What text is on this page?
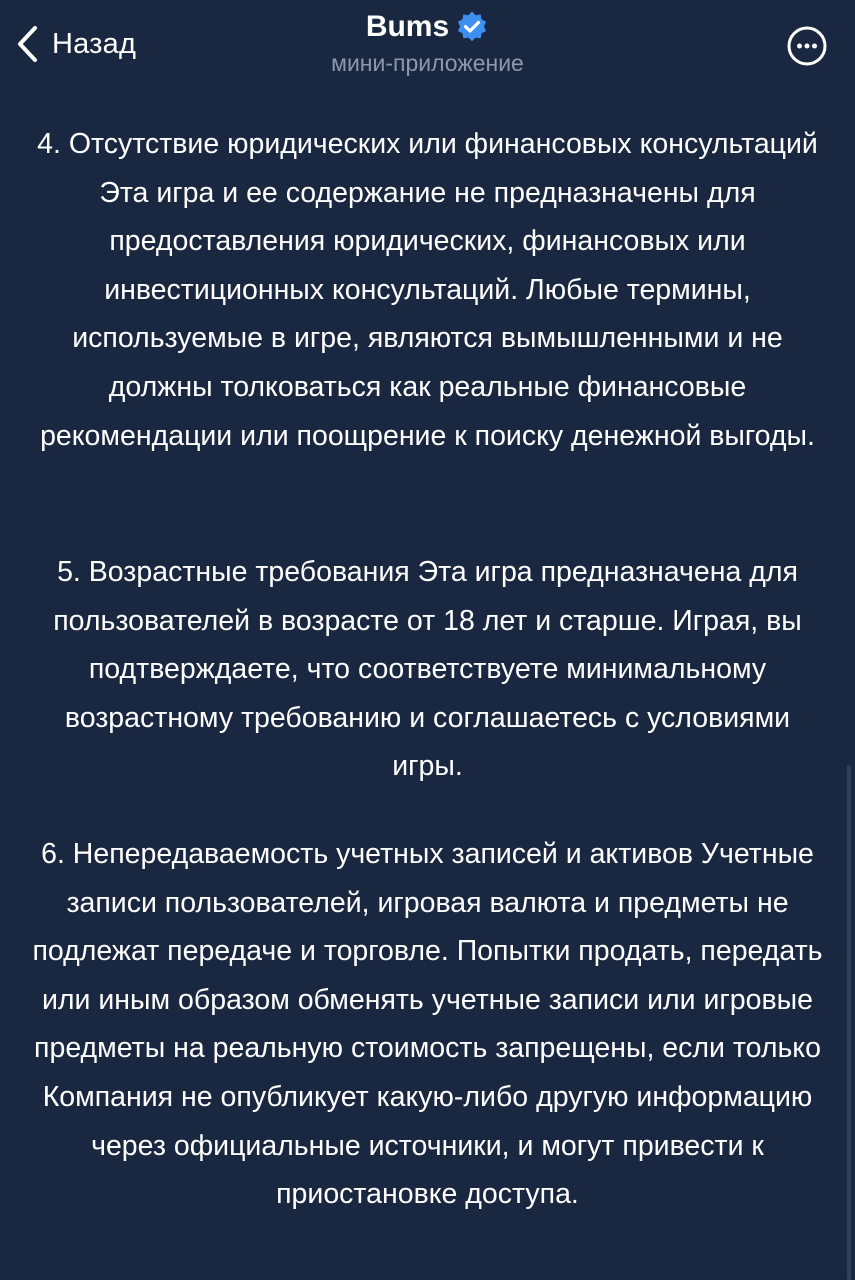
Назад
Bums
мини-приложение

4. Отсутствие юридических или финансовых консультаций Эта игра и ее содержание не предназначены для предоставления юридических, финансовых или инвестиционных консультаций. Любые термины, используемые в игре, являются вымышленными и не должны толковаться как реальные финансовые рекомендации или поощрение к поиску денежной выгоды.

5. Возрастные требования Эта игра предназначена для пользователей в возрасте от 18 лет и старше. Играя, вы подтверждаете, что соответствуете минимальному возрастному требованию и соглашаетесь с условиями игры.

6. Непередаваемость учетных записей и активов Учетные записи пользователей, игровая валюта и предметы не подлежат передаче и торговле. Попытки продать, передать или иным образом обменять учетные записи или игровые предметы на реальную стоимость запрещены, если только Компания не опубликует какую-либо другую информацию через официальные источники, и могут привести к приостановке доступа.
